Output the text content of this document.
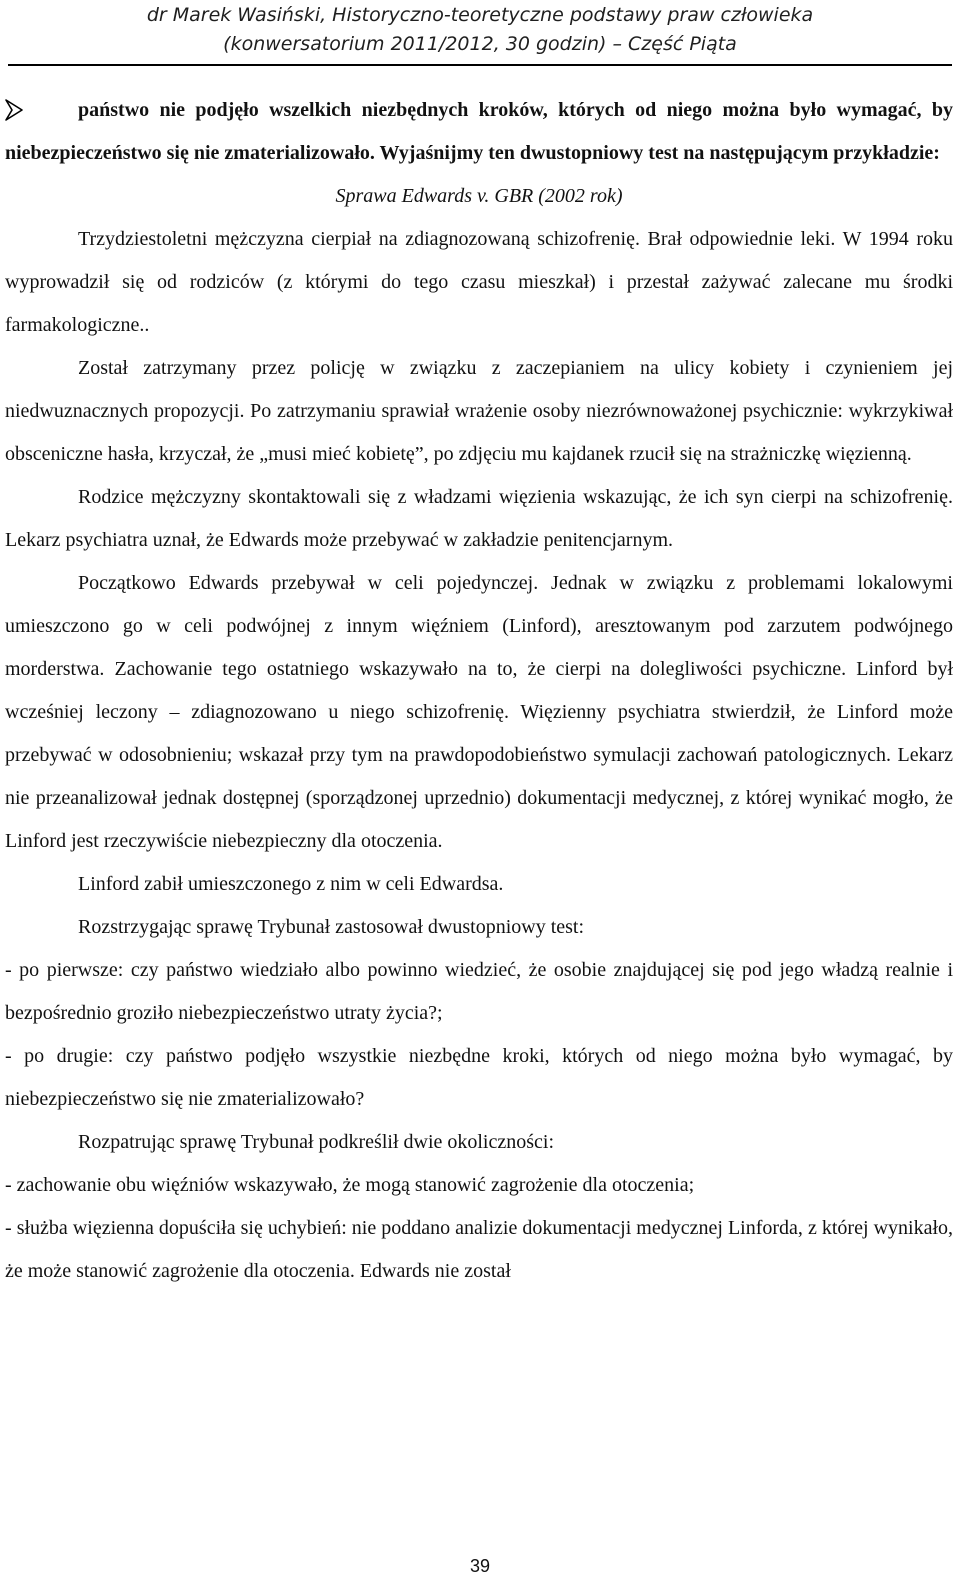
dr Marek Wasiński, Historyczno-teoretyczne podstawy praw człowieka
(konwersatorium 2011/2012, 30 godzin) – Część Piąta

państwo nie podjęło wszelkich niezbędnych kroków, których od niego można było wymagać, by niebezpieczeństwo się nie zmaterializowało. Wyjaśnijmy ten dwustopniowy test na następującym przykładzie:

Sprawa Edwards v. GBR (2002 rok)

Trzydziestoletni mężczyzna cierpiał na zdiagnozowaną schizofrenię. Brał odpowiednie leki. W 1994 roku wyprowadził się od rodziców (z którymi do tego czasu mieszkał) i przestał zażywać zalecane mu środki farmakologiczne..

Został zatrzymany przez policję w związku z zaczepianiem na ulicy kobiety i czynieniem jej niedwuznacznych propozycji. Po zatrzymaniu sprawiał wrażenie osoby niezrównoważonej psychicznie: wykrzykiwał obsceniczne hasła, krzyczał, że „musi mieć kobietę”, po zdjęciu mu kajdanek rzucił się na strażniczkę więzienną.

Rodzice mężczyzny skontaktowali się z władzami więzienia wskazując, że ich syn cierpi na schizofrenię. Lekarz psychiatra uznał, że Edwards może przebywać w zakładzie penitencjarnym.

Początkowo Edwards przebywał w celi pojedynczej. Jednak w związku z problemami lokalowymi umieszczono go w celi podwójnej z innym więźniem (Linford), aresztowanym pod zarzutem podwójnego morderstwa. Zachowanie tego ostatniego wskazywało na to, że cierpi na dolegliwości psychiczne. Linford był wcześniej leczony – zdiagnozowano u niego schizofrenię. Więzienny psychiatra stwierdził, że Linford może przebywać w odosobnieniu; wskazał przy tym na prawdopodobieństwo symulacji zachowań patologicznych. Lekarz nie przeanalizował jednak dostępnej (sporządzonej uprzednio) dokumentacji medycznej, z której wynikać mogło, że Linford jest rzeczywiście niebezpieczny dla otoczenia.

Linford zabił umieszczonego z nim w celi Edwardsa.

Rozstrzygając sprawę Trybunał zastosował dwustopniowy test:

- po pierwsze: czy państwo wiedziało albo powinno wiedzieć, że osobie znajdującej się pod jego władzą realnie i bezpośrednio groziło niebezpieczeństwo utraty życia?;

- po drugie: czy państwo podjęło wszystkie niezbędne kroki, których od niego można było wymagać, by niebezpieczeństwo się nie zmaterializowało?

Rozpatrując sprawę Trybunał podkreślił dwie okoliczności:

- zachowanie obu więźniów wskazywało, że mogą stanowić zagrożenie dla otoczenia;

- służba więzienna dopuściła się uchybień: nie poddano analizie dokumentacji medycznej Linforda, z której wynikało, że może stanowić zagrożenie dla otoczenia. Edwards nie został

39
